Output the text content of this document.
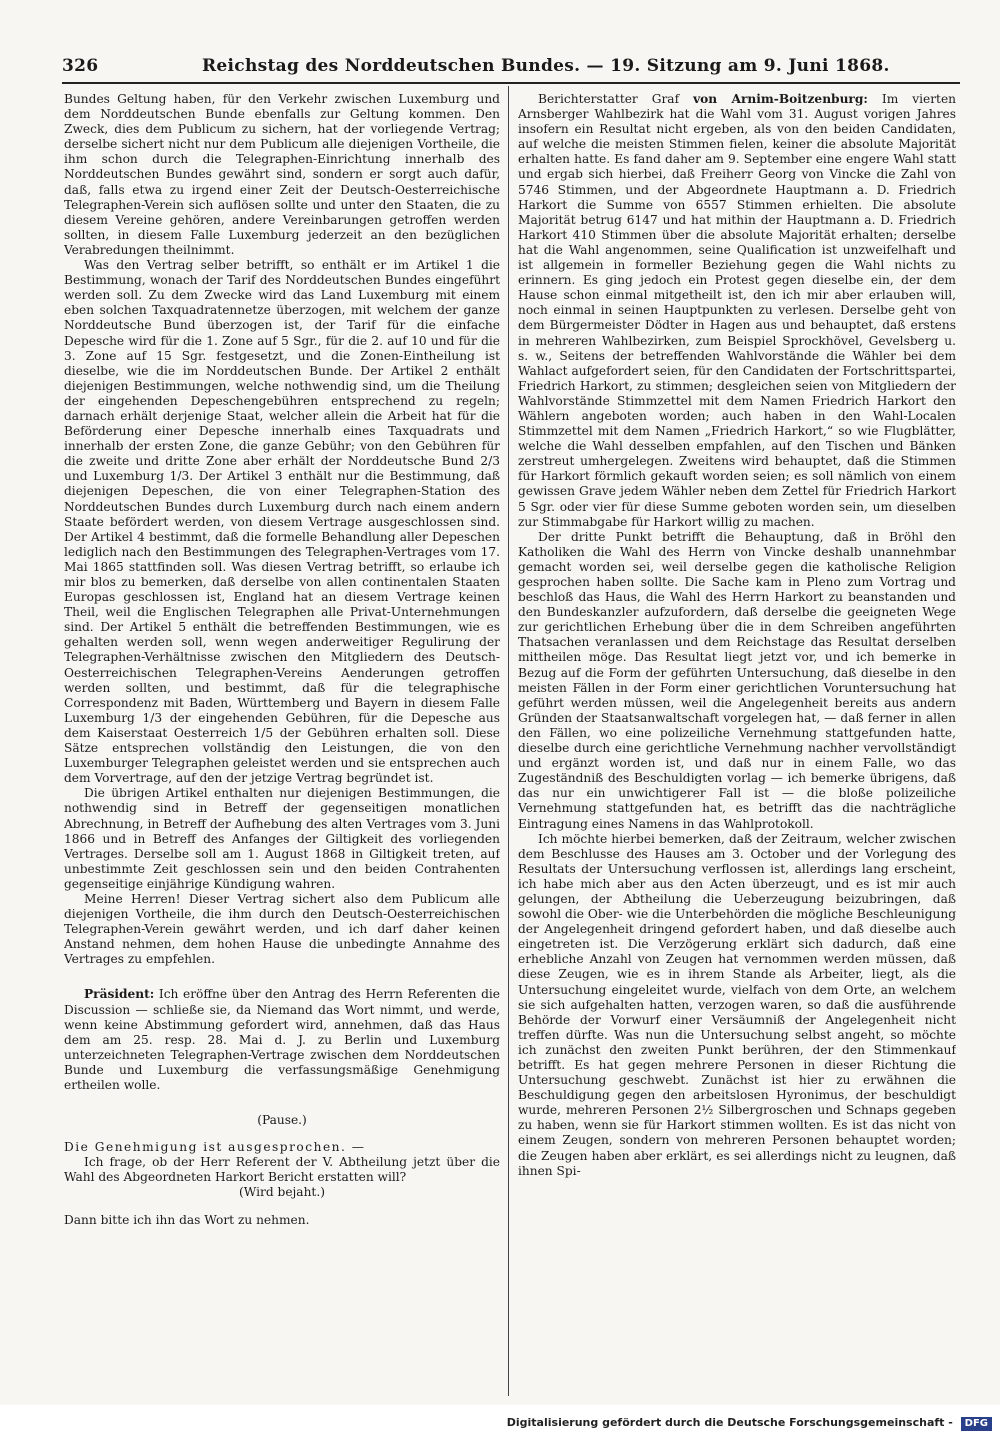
326	Reichstag des Norddeutschen Bundes. — 19. Sitzung am 9. Juni 1868.

Bundes Geltung haben, für den Verkehr zwischen Luxemburg und dem Norddeutschen Bunde ebenfalls zur Geltung kommen. Den Zweck, dies dem Publicum zu sichern, hat der vorliegende Vertrag; derselbe sichert nicht nur dem Publicum alle diejenigen Vortheile, die ihm schon durch die Telegraphen-Einrichtung innerhalb des Norddeutschen Bundes gewährt sind, sondern er sorgt auch dafür, daß, falls etwa zu irgend einer Zeit der Deutsch-Oesterreichische Telegraphen-Verein sich auflösen sollte und unter den Staaten, die zu diesem Vereine gehören, andere Vereinbarungen getroffen werden sollten, in diesem Falle Luxemburg jederzeit an den bezüglichen Verabredungen theilnimmt.

Was den Vertrag selber betrifft, so enthält er im Artikel 1 die Bestimmung, wonach der Tarif des Norddeutschen Bundes eingeführt werden soll. Zu dem Zwecke wird das Land Luxemburg mit einem eben solchen Taxquadratennetze überzogen, mit welchem der ganze Norddeutsche Bund überzogen ist, der Tarif für die einfache Depesche wird für die 1. Zone auf 5 Sgr., für die 2. auf 10 und für die 3. Zone auf 15 Sgr. festgesetzt, und die Zonen-Eintheilung ist dieselbe, wie die im Norddeutschen Bunde. Der Artikel 2 enthält diejenigen Bestimmungen, welche nothwendig sind, um die Theilung der eingehenden Depeschengebühren entsprechend zu regeln; darnach erhält derjenige Staat, welcher allein die Arbeit hat für die Beförderung einer Depesche innerhalb eines Taxquadrats und innerhalb der ersten Zone, die ganze Gebühr; von den Gebühren für die zweite und dritte Zone aber erhält der Norddeutsche Bund 2/3 und Luxemburg 1/3. Der Artikel 3 enthält nur die Bestimmung, daß diejenigen Depeschen, die von einer Telegraphen-Station des Norddeutschen Bundes durch Luxemburg durch nach einem andern Staate befördert werden, von diesem Vertrage ausgeschlossen sind. Der Artikel 4 bestimmt, daß die formelle Behandlung aller Depeschen lediglich nach den Bestimmungen des Telegraphen-Vertrages vom 17. Mai 1865 stattfinden soll. Was diesen Vertrag betrifft, so erlaube ich mir blos zu bemerken, daß derselbe von allen continentalen Staaten Europas geschlossen ist, England hat an diesem Vertrage keinen Theil, weil die Englischen Telegraphen alle Privat-Unternehmungen sind. Der Artikel 5 enthält die betreffenden Bestimmungen, wie es gehalten werden soll, wenn wegen anderweitiger Regulirung der Telegraphen-Verhältnisse zwischen den Mitgliedern des Deutsch-Oesterreichischen Telegraphen-Vereins Aenderungen getroffen werden sollten, und bestimmt, daß für die telegraphische Correspondenz mit Baden, Württemberg und Bayern in diesem Falle Luxemburg 1/3 der eingehenden Gebühren, für die Depesche aus dem Kaiserstaat Oesterreich 1/5 der Gebühren erhalten soll. Diese Sätze entsprechen vollständig den Leistungen, die von den Luxemburger Telegraphen geleistet werden und sie entsprechen auch dem Vorvertrage, auf den der jetzige Vertrag begründet ist.

Die übrigen Artikel enthalten nur diejenigen Bestimmungen, die nothwendig sind in Betreff der gegenseitigen monatlichen Abrechnung, in Betreff der Aufhebung des alten Vertrages vom 3. Juni 1866 und in Betreff des Anfanges der Giltigkeit des vorliegenden Vertrages. Derselbe soll am 1. August 1868 in Giltigkeit treten, auf unbestimmte Zeit geschlossen sein und den beiden Contrahenten gegenseitige einjährige Kündigung wahren.

Meine Herren! Dieser Vertrag sichert also dem Publicum alle diejenigen Vortheile, die ihm durch den Deutsch-Oesterreichischen Telegraphen-Verein gewährt werden, und ich darf daher keinen Anstand nehmen, dem hohen Hause die unbedingte Annahme des Vertrages zu empfehlen.

Präsident: Ich eröffne über den Antrag des Herrn Referenten die Discussion — schließe sie, da Niemand das Wort nimmt, und werde, wenn keine Abstimmung gefordert wird, annehmen, daß das Haus dem am 25. resp. 28. Mai d. J. zu Berlin und Luxemburg unterzeichneten Telegraphen-Vertrage zwischen dem Norddeutschen Bunde und Luxemburg die verfassungsmäßige Genehmigung ertheilen wolle.

(Pause.)

Die Genehmigung ist ausgesprochen. —

Ich frage, ob der Herr Referent der V. Abtheilung jetzt über die Wahl des Abgeordneten Harkort Bericht erstatten will?

(Wird bejaht.)

Dann bitte ich ihn das Wort zu nehmen.

Berichterstatter Graf von Arnim-Boitzenburg: Im vierten Arnsberger Wahlbezirk hat die Wahl vom 31. August vorigen Jahres insofern ein Resultat nicht ergeben, als von den beiden Candidaten, auf welche die meisten Stimmen fielen, keiner die absolute Majorität erhalten hatte. Es fand daher am 9. September eine engere Wahl statt und ergab sich hierbei, daß Freiherr Georg von Vincke die Zahl von 5746 Stimmen, und der Abgeordnete Hauptmann a. D. Friedrich Harkort die Summe von 6557 Stimmen erhielten. Die absolute Majorität betrug 6147 und hat mithin der Hauptmann a. D. Friedrich Harkort 410 Stimmen über die absolute Majorität erhalten; derselbe hat die Wahl angenommen, seine Qualification ist unzweifelhaft und ist allgemein in formeller Beziehung gegen die Wahl nichts zu erinnern. Es ging jedoch ein Protest gegen dieselbe ein, der dem Hause schon einmal mitgetheilt ist, den ich mir aber erlauben will, noch einmal in seinen Hauptpunkten zu verlesen. Derselbe geht von dem Bürgermeister Dödter in Hagen aus und behauptet, daß erstens in mehreren Wahlbezirken, zum Beispiel Sprockhövel, Gevelsberg u. s. w., Seitens der betreffenden Wahlvorstände die Wähler bei dem Wahlact aufgefordert seien, für den Candidaten der Fortschrittspartei, Friedrich Harkort, zu stimmen; desgleichen seien von Mitgliedern der Wahlvorstände Stimmzettel mit dem Namen Friedrich Harkort den Wählern angeboten worden; auch haben in den Wahl-Localen Stimmzettel mit dem Namen „Friedrich Harkort,“ so wie Flugblätter, welche die Wahl desselben empfahlen, auf den Tischen und Bänken zerstreut umhergelegen. Zweitens wird behauptet, daß die Stimmen für Harkort förmlich gekauft worden seien; es soll nämlich von einem gewissen Grave jedem Wähler neben dem Zettel für Friedrich Harkort 5 Sgr. oder vier für diese Summe geboten worden sein, um dieselben zur Stimmabgabe für Harkort willig zu machen.

Der dritte Punkt betrifft die Behauptung, daß in Bröhl den Katholiken die Wahl des Herrn von Vincke deshalb unannehmbar gemacht worden sei, weil derselbe gegen die katholische Religion gesprochen haben sollte. Die Sache kam in Pleno zum Vortrag und beschloß das Haus, die Wahl des Herrn Harkort zu beanstanden und den Bundeskanzler aufzufordern, daß derselbe die geeigneten Wege zur gerichtlichen Erhebung über die in dem Schreiben angeführten Thatsachen veranlassen und dem Reichstage das Resultat derselben mittheilen möge. Das Resultat liegt jetzt vor, und ich bemerke in Bezug auf die Form der geführten Untersuchung, daß dieselbe in den meisten Fällen in der Form einer gerichtlichen Voruntersuchung hat geführt werden müssen, weil die Angelegenheit bereits aus andern Gründen der Staatsanwaltschaft vorgelegen hat, — daß ferner in allen den Fällen, wo eine polizeiliche Vernehmung stattgefunden hatte, dieselbe durch eine gerichtliche Vernehmung nachher vervollständigt und ergänzt worden ist, und daß nur in einem Falle, wo das Zugeständniß des Beschuldigten vorlag — ich bemerke übrigens, daß das nur ein unwichtigerer Fall ist — die bloße polizeiliche Vernehmung stattgefunden hat, es betrifft das die nachträgliche Eintragung eines Namens in das Wahlprotokoll.

Ich möchte hierbei bemerken, daß der Zeitraum, welcher zwischen dem Beschlusse des Hauses am 3. October und der Vorlegung des Resultats der Untersuchung verflossen ist, allerdings lang erscheint, ich habe mich aber aus den Acten überzeugt, und es ist mir auch gelungen, der Abtheilung die Ueberzeugung beizubringen, daß sowohl die Ober- wie die Unterbehörden die mögliche Beschleunigung der Angelegenheit dringend gefordert haben, und daß dieselbe auch eingetreten ist. Die Verzögerung erklärt sich dadurch, daß eine erhebliche Anzahl von Zeugen hat vernommen werden müssen, daß diese Zeugen, wie es in ihrem Stande als Arbeiter, liegt, als die Untersuchung eingeleitet wurde, vielfach von dem Orte, an welchem sie sich aufgehalten hatten, verzogen waren, so daß die ausführende Behörde der Vorwurf einer Versäumniß der Angelegenheit nicht treffen dürfte. Was nun die Untersuchung selbst angeht, so möchte ich zunächst den zweiten Punkt berühren, der den Stimmenkauf betrifft. Es hat gegen mehrere Personen in dieser Richtung die Untersuchung geschwebt. Zunächst ist hier zu erwähnen die Beschuldigung gegen den arbeitslosen Hyronimus, der beschuldigt wurde, mehreren Personen 2½ Silbergroschen und Schnaps gegeben zu haben, wenn sie für Harkort stimmen wollten. Es ist das nicht von einem Zeugen, sondern von mehreren Personen behauptet worden; die Zeugen haben aber erklärt, es sei allerdings nicht zu leugnen, daß ihnen Spi-

Digitalisierung gefördert durch die Deutsche Forschungsgemeinschaft - DFG
